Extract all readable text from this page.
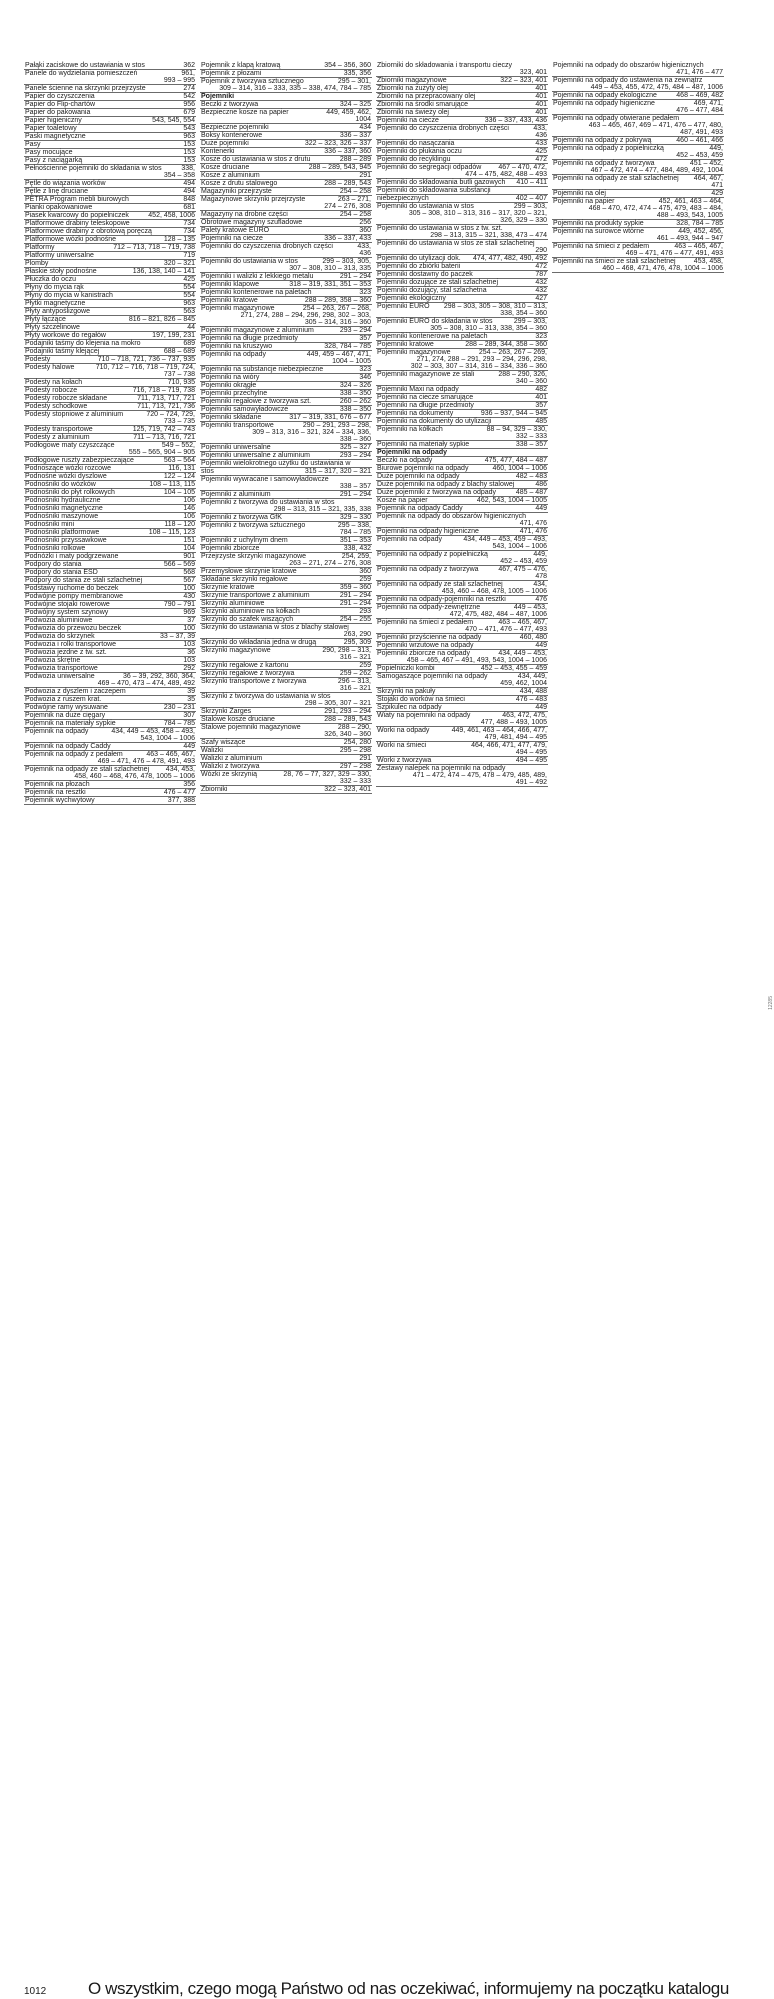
362
Pałąki zaciskowe do ustawiania w stos
961,
Panele do wydzielania pomieszczeń
993 – 995
274
Panele ścienne na skrzynki przejrzyste
542
Papier do czyszczenia
956
Papier do Flip-chartów
679
Papier do pakowania
543, 545, 554
Papier higieniczny
543
Papier toaletowy
963
Paski magnetyczne
153
Pasy
153
Pasy mocujące
153
Pasy z naciągarką
338,
Pełnościenne pojemniki do składania w stos
354 – 358
494
Pętle do wiązania worków
494
Pętle z linę druciane
848
PETRA Program mebli biurowych
681
Pianki opakowaniowe
452, 458, 1006
Piasek kwarcowy do popielniczek
734
Platformowe drabiny teleskopowe
734
Platformowe drabiny z obrotową poręczą
128 – 135
Platformowe wózki podnośne
712 – 713, 718 – 719, 738
Platformy
719
Platformy uniwersalne
320 – 321
Plomby
136, 138, 140 – 141
Płaskie stoły podnośne
425
Płuczka do oczu
554
Płyny do mycia rąk
554
Płyny do mycia w kanistrach
963
Płytki magnetyczne
563
Płyty antypoślizgowe
816 – 821, 826 – 845
Płyty łączące
44
Płyty szczelinowe
197, 199, 231
Płyty workowe do regałów
689
Podajniki taśmy do klejenia na mokro
688 – 689
Podajniki taśmy klejącej
710 – 718, 721, 736 – 737, 935
Podesty
710, 712 – 716, 718 – 719, 724,
Podesty halowe
737 – 738
710, 935
Podesty na kołach
716, 718 – 719, 738
Podesty robocze
711, 713, 717, 721
Podesty robocze składane
711, 713, 721, 736
Podesty schodkowe
720 – 724, 729,
Podesty stopniowe z aluminium
733 – 735
125, 719, 742 – 743
Podesty transportowe
711 – 713, 716, 721
Podesty z aluminium
549 – 552,
Podłogowe maty czyszczące
555 – 565, 904 – 905
563 – 564
Podłogowe ruszty zabezpieczające
116, 131
Podnoszące wózki rozcowe
122 – 124
Podnośne wózki dyszlowe
108 – 113, 115
Podnośniki do wózków
104 – 105
Podnośniki do płyt rolkowych
106
Podnośniki hydrauliczne
146
Podnośniki magnetyczne
106
Podnośniki maszynowe
118 – 120
Podnośniki mini
108 – 115, 123
Podnośniki platformowe
151
Podnośniki przyssawkowe
104
Podnośniki rolkowe
901
Podnóżki i maty podgrzewane
566 – 569
Podpory do stania
568
Podpory do stania ESD
567
Podpory do stania ze stali szlachetnej
100
Podstawy ruchome do beczek
430
Podwójne pompy membranowe
790 – 791
Podwójne stojaki rowerowe
969
Podwójny system szynowy
37
Podwozia aluminiowe
100
Podwozia do przewozu beczek
33 – 37, 39
Podwozia do skrzynek
103
Podwozia i rolki transportowe
36
Podwozia jezdne z tw. szt.
103
Podwozia skrętne
292
Podwozia transportowe
36 – 39, 292, 360, 364,
Podwozia uniwersalne
469 – 470, 473 – 474, 489, 492
39
Podwozia z dyszlem i zaczepem
35
Podwozia z ruszem krat.
230 – 231
Podwójne ramy wysuwane
307
Pojemnik na duże cięgary
784 – 785
Pojemnik na materiały sypkie
434, 449 – 453, 458 – 493,
Pojemnik na odpady
543, 1004 – 1006
449
Pojemnik na odpady Caddy
463 – 465, 467,
Pojemnik na odpady z pedałem
469 – 471, 476 – 478, 491, 493
434, 453,
Pojemnik na odpady ze stali szlachetnej
458, 460 – 468, 476, 478, 1005 – 1006
356
Pojemnik na płozach
476 – 477
Pojemnik na resztki
377, 388
Pojemnik wychwytowy
354 – 356, 360
Pojemnik z klapą kratową
335, 356
Pojemnik z płozami
295 – 301,
Pojemnik z tworzywa sztucznego
309 – 314, 316 – 333, 335 – 338, 474, 784 – 785
Pojemniki
324 – 325
Beczki z tworzywa
449, 459, 462,
Bezpieczne kosze na papier
1004
434
Bezpieczne pojemniki
336 – 337
Boksy kontenerowe
322 – 323, 326 – 337
Duże pojemniki
336 – 337, 360
Kontenerki
288 – 289
Kosze do ustawiania w stos z drutu
288 – 289, 543, 945
Kosze druciane
291
Kosze z aluminium
288 – 289, 543
Kosze z drutu stalowego
254 – 258
Magazyniki przejrzyste
263 – 271,
Magazynowe skrzynki przejrzyste
274 – 276, 308
254 – 258
Magazyny na drobne części
256
Obrotowe magazyny szufladowe
360
Palety kratowe EURO
336 – 337, 433
Pojemniki na ciecze
433,
Pojemniki do czyszczenia drobnych części
436
299 – 303, 305,
Pojemniki do ustawiania w stos
307 – 308, 310 – 313, 335
291 – 294
Pojemniki i walizki z lekkiego metalu
318 – 319, 331, 351 – 353
Pojemniki klapowe
323
Pojemniki kontenerowe na paletach
288 – 289, 358 – 360
Pojemniki kratowe
254 – 263, 267 – 268,
Pojemniki magazynowe
271, 274, 288 – 294, 296, 298, 302 – 303,
305 – 314, 316 – 360
293 – 294
Pojemniki magazynowe z aluminium
357
Pojemniki na długie przedmioty
328, 784 – 785
Pojemniki na kruszywo
449, 459 – 467, 471,
Pojemniki na odpady
1004 – 1005
323
Pojemniki na substancje niebezpieczne
346
Pojemniki na wióry
324 – 326
Pojemniki okrągłe
338 – 350
Pojemniki przechylne
260 – 262
Pojemniki regałowe z tworzywa szt.
338 – 350
Pojemniki samowyładowcze
317 – 319, 331, 676 – 677
Pojemniki składane
290 – 291, 293 – 298,
Pojemniki transportowe
309 – 313, 316 – 321, 324 – 334, 336,
338 – 360
325 – 327
Pojemniki uniwersalne
293 – 294
Pojemniki uniwersalne z aluminium
Pojemniki wielokrotnego użytku do ustawiania w
315 – 317, 320 – 321
stos
Pojemniki wywracane i samowyładowcze
338 – 357
291 – 294
Pojemniki z aluminium
Pojemniki z tworzywa do ustawiania w stos
298 – 313, 315 – 321, 335, 338
329 – 330
Pojemniki z tworzywa GfK
295 – 338,
Pojemniki z tworzywa sztucznego
784 – 785
351 – 353
Pojemniki z uchylnym dnem
338, 432
Pojemniki zbiorcze
254, 259,
Przejrzyste skrzynki magazynowe
263 – 271, 274 – 276, 308
360
Przemysłowe skrzynie kratowe
259
Składane skrzynki regałowe
359 – 360
Skrzynie kratowe
291 – 294
Skrzynie transportowe z aluminium
291 – 294
Skrzynki aluminiowe
293
Skrzynki aluminiowe na kółkach
254 – 255
Skrzynki do szafek wiszących
Skrzynki do ustawiania w stos z blachy stalowej
263, 290
295, 309
Skrzynki do wkładania jedna w drugą
290, 298 – 313,
Skrzynki magazynowe
316 – 321
259
Skrzynki regałowe z kartonu
259 – 262
Skrzynki regałowe z tworzywa
296 – 313,
Skrzynki transportowe z tworzywa
316 – 321
Skrzynki z tworzywa do ustawiania w stos
298 – 305, 307 – 321
291, 293 – 294
Skrzynki Zarges
288 – 289, 543
Stalowe kosze druciane
288 – 290,
Stalowe pojemniki magazynowe
326, 340 – 360
254, 280
Szafy wiszące
295 – 298
Walizki
291
Walizki z aluminium
297 – 298
Walizki z tworzywa
28, 76 – 77, 327, 329 – 330,
Wózki ze skrzynią
332 – 333
322 – 323, 401
Zbiorniki
Zbiorniki do składowania i transportu cieczy
323, 401
322 – 323, 401
Zbiorniki magazynowe
401
Zbiorniki na zużyty olej
401
Zbiorniki na przepracowany olej
401
Zbiorniki na środki smarujące
401
Zbiorniki na świeży olej
336 – 337, 433, 436
Pojemniki na ciecze
433,
Pojemniki do czyszczenia drobnych części
436
433
Pojemniki do nasączania
425
Pojemniki do płukania oczu
472
Pojemniki do recyklingu
467 – 470, 472,
Pojemniki do segregacji odpadów
474 – 475, 482, 488 – 493
410 – 411
Pojemniki do składowania butli gazowych
Pojemniki do składowania substancji
402 – 407
niebezpiecznych
299 – 303,
Pojemniki do ustawiania w stos
305 – 308, 310 – 313, 316 – 317, 320 – 321,
326, 329 – 330
Pojemniki do ustawiania w stos z tw. szt.
298 – 313, 315 – 321, 338, 473 – 474
Pojemniki do ustawiania w stos ze stali szlachetnej
290
474, 477, 482, 490, 492
Pojemniki do utylizacji dok.
472
Pojemniki do zbiórki baterii
787
Pojemniki dostawny do paczek
432
Pojemniki dozujące ze stali szlachetnej
432
Pojemniki dozujący, stal szlachetna
427
Pojemniki ekologiczny
298 – 303, 305 – 308, 310 – 313,
Pojemniki EURO
338, 354 – 360
299 – 303,
Pojemniki EURO do składania w stos
305 – 308, 310 – 313, 338, 354 – 360
323
Pojemniki kontenerowe na paletach
288 – 289, 344, 358 – 360
Pojemniki kratowe
254 – 263, 267 – 269,
Pojemniki magazynowe
271, 274, 288 – 291, 293 – 294, 296, 298,
302 – 303, 307 – 314, 316 – 334, 336 – 360
288 – 290, 326,
Pojemniki magazynowe ze stali
340 – 360
482
Pojemniki Maxi na odpady
401
Pojemniki na ciecze smarujące
357
Pojemniki na długie przedmioty
936 – 937, 944 – 945
Pojemniki na dokumenty
485
Pojemniki na dokumenty do utylizacji
88 – 94, 329 – 330,
Pojemniki na kółkach
332 – 333
338 – 357
Pojemniki na materiały sypkie
Pojemniki na odpady
475, 477, 484 – 487
Beczki na odpady
460, 1004 – 1006
Biurowe pojemniki na odpady
482 – 483
Duże pojemniki na odpady
486
Duże pojemniki na odpady z blachy stalowej
485 – 487
Duże pojemniki z tworzywa na odpady
462, 543, 1004 – 1005
Kosze na papier
449
Pojemnik na odpady Caddy
Pojemnik na odpady do obszarów higienicznych
471, 476
471, 476
Pojemniki na odpady higieniczne
434, 449 – 453, 459 – 493,
Pojemniki na odpady
543, 1004 – 1006
449,
Pojemniki na odpady z popielniczką
452 – 453, 459
467, 475 – 476,
Pojemniki na odpady z tworzywa
478
434,
Pojemniki na odpady ze stali szlachetnej
453, 460 – 468, 478, 1005 – 1006
476
Pojemniki na odpady-pojemniki na resztki
449 – 453,
Pojemniki na odpady-zewnętrzne
472, 475, 482, 484 – 487, 1006
463 – 465, 467,
Pojemniki na śmieci z pedałem
470 – 471, 476 – 477, 493
460, 480
Pojemniki przyścienne na odpady
449
Pojemniki wrzutowe na odpady
434, 449 – 453,
Pojemniki zbiorcze na odpady
458 – 465, 467 – 491, 493, 543, 1004 – 1006
452 – 453, 455 – 459
Popielniczki kombi
434, 449,
Samogaszące pojemniki na odpady
459, 462, 1004
434, 488
Skrzynki na pakuły
476 – 483
Stojaki do worków na śmieci
449
Szpikulec na odpady
463, 472, 475,
Wiaty na pojemniki na odpady
477, 488 – 493, 1005
449, 461, 463 – 464, 466, 477,
Worki na odpady
479, 481, 494 – 495
464, 466, 471, 477, 479,
Worki na śmieci
494 – 495
494 – 495
Worki z tworzywa
Zestawy nalepek na pojemniki na odpady
471 – 472, 474 – 475, 478 – 479, 485, 489,
491 – 492
Pojemniki na odpady do obszarów higienicznych
471, 476 – 477
Pojemniki na odpady do ustawienia na zewnątrz
449 – 453, 455, 472, 475, 484 – 487, 1006
468 – 469, 482
Pojemniki na odpady ekologiczne
469, 471,
Pojemniki na odpady higieniczne
476 – 477, 484
Pojemniki na odpady otwierane pedałem
463 – 465, 467, 469 – 471, 476 – 477, 480,
487, 491, 493
460 – 461, 466
Pojemniki na odpady z pokrywą
449,
Pojemniki na odpady z popielniczką
452 – 453, 459
451 – 452,
Pojemniki na odpady z tworzywa
467 – 472, 474 – 477, 484, 489, 492, 1004
464, 467,
Pojemniki na odpady ze stali szlachetnej
471
429
Pojemniki na olej
452, 461, 463 – 464,
Pojemniki na papier
468 – 470, 472, 474 – 475, 479, 483 – 484,
488 – 493, 543, 1005
328, 784 – 785
Pojemniki na produkty sypkie
449, 452, 456,
Pojemniki na surowce wtórne
461 – 493, 944 – 947
463 – 465, 467,
Pojemniki na śmieci z pedałem
469 – 471, 476 – 477, 491, 493
453, 458,
Pojemniki na śmieci ze stali szlachetnej
460 – 468, 471, 476, 478, 1004 – 1006
1012 O wszystkim, czego mogą Państwo od nas oczekiwać, informujemy na początku katalogu
12285
